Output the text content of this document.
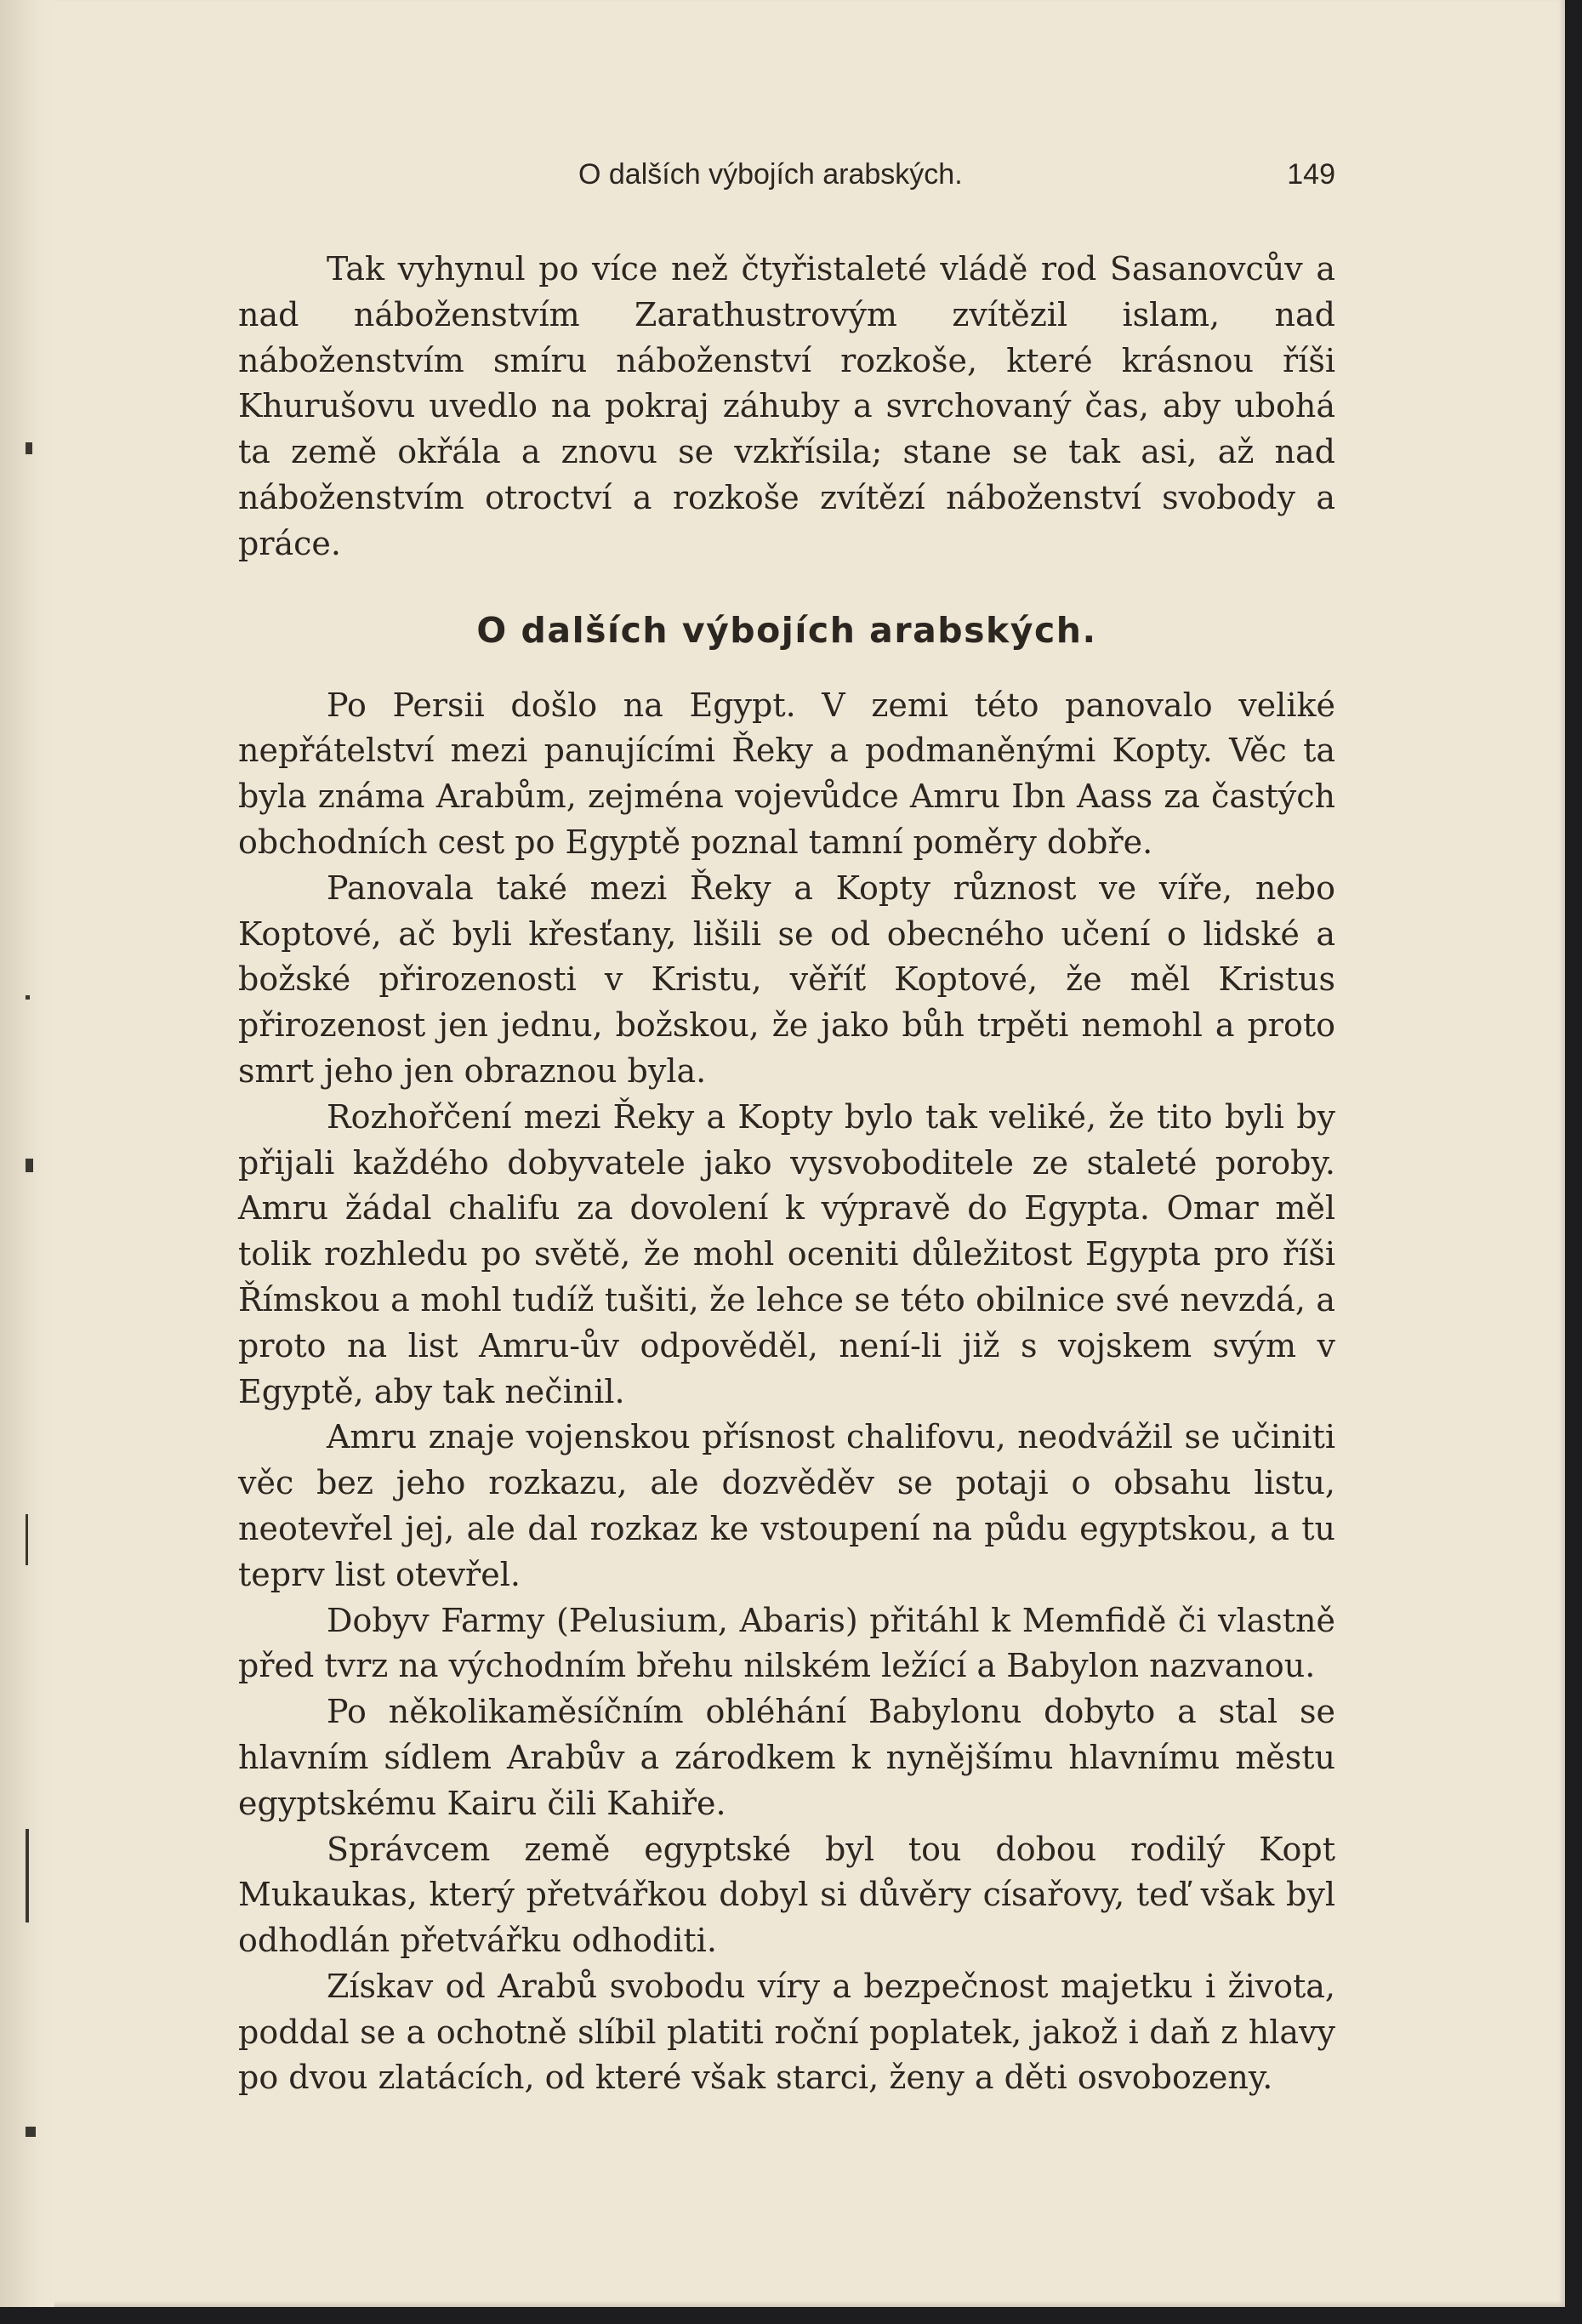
O dalších výbojích arabských.	149

Tak vyhynul po více než čtyřistaleté vládě rod Sasanovcův a nad náboženstvím Zarathustrovým zvítězil islam, nad náboženstvím smíru náboženství rozkoše, které krásnou říši Khurušovu uvedlo na pokraj záhuby a svrchovaný čas, aby ubohá ta země okřála a znovu se vzkřísila; stane se tak asi, až nad náboženstvím otroctví a rozkoše zvítězí náboženství svobody a práce.

O dalších výbojích arabských.

Po Persii došlo na Egypt. V zemi této panovalo veliké nepřátelství mezi panujícími Řeky a podmaněnými Kopty. Věc ta byla známa Arabům, zejména vojevůdce Amru Ibn Aass za častých obchodních cest po Egyptě poznal tamní poměry dobře.

Panovala také mezi Řeky a Kopty různost ve víře, nebo Koptové, ač byli křesťany, lišili se od obecného učení o lidské a božské přirozenosti v Kristu, věříť Koptové, že měl Kristus přirozenost jen jednu, božskou, že jako bůh trpěti nemohl a proto smrt jeho jen obraznou byla.

Rozhořčení mezi Řeky a Kopty bylo tak veliké, že tito byli by přijali každého dobyvatele jako vysvoboditele ze staleté poroby. Amru žádal chalifu za dovolení k výpravě do Egypta. Omar měl tolik rozhledu po světě, že mohl oceniti důležitost Egypta pro říši Římskou a mohl tudíž tušiti, že lehce se této obilnice své nevzdá, a proto na list Amru-ův odpověděl, není-li již s vojskem svým v Egyptě, aby tak nečinil.

Amru znaje vojenskou přísnost chalifovu, neodvážil se učiniti věc bez jeho rozkazu, ale dozvěděv se potaji o obsahu listu, neotevřel jej, ale dal rozkaz ke vstoupení na půdu egyptskou, a tu teprv list otevřel.

Dobyv Farmy (Pelusium, Abaris) přitáhl k Memfidě či vlastně před tvrz na východním břehu nilském ležící a Babylon nazvanou.

Po několikaměsíčním obléhání Babylonu dobyto a stal se hlavním sídlem Arabův a zárodkem k nynějšímu hlavnímu městu egyptskému Kairu čili Kahiře.

Správcem země egyptské byl tou dobou rodilý Kopt Mukaukas, který přetvářkou dobyl si důvěry císařovy, teď však byl odhodlán přetvářku odhoditi.

Získav od Arabů svobodu víry a bezpečnost majetku i života, poddal se a ochotně slíbil platiti roční poplatek, jakož i daň z hlavy po dvou zlatácích, od které však starci, ženy a děti osvobozeny.
